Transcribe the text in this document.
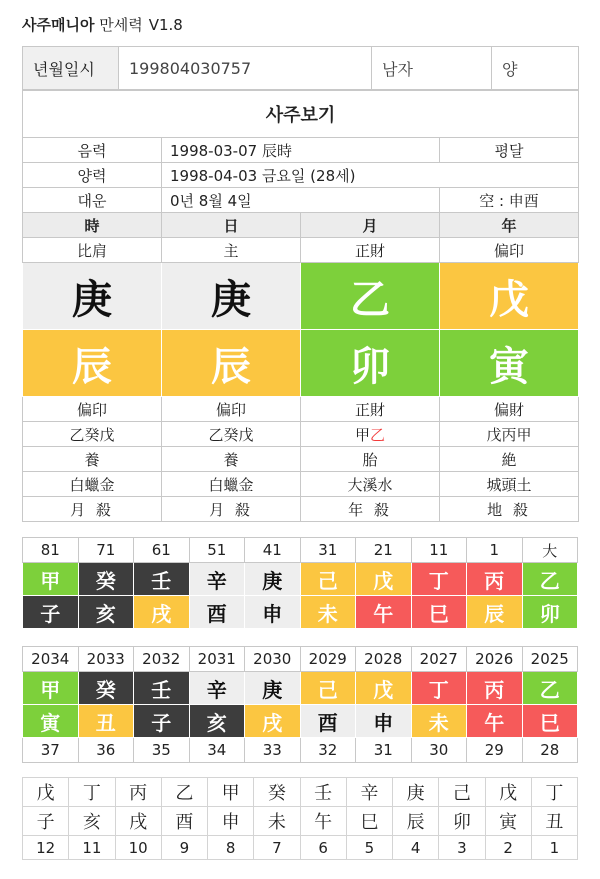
사주매니아 만세력 V1.8
년월일시	199804030757	남자	양
사주보기			
음력	1998-03-07 辰時		평달
양력	1998-04-03 금요일 (28세)		
대운	0년 8월 4일		空 : 申酉
時	日	月	年
比肩	主	正財	偏印
庚	庚	乙	戊
辰	辰	卯	寅
偏印	偏印	正財	偏財
乙癸戊	乙癸戊	甲乙	戊丙甲
養	養	胎	絶
白蠟金	白蠟金	大溪水	城頭土
月 殺	月 殺	年 殺	地 殺
81	71	61	51	41	31	21	11	1	大
甲	癸	壬	辛	庚	己	戊	丁	丙	乙
子	亥	戌	酉	申	未	午	巳	辰	卯
2034	2033	2032	2031	2030	2029	2028	2027	2026	2025
甲	癸	壬	辛	庚	己	戊	丁	丙	乙
寅	丑	子	亥	戌	酉	申	未	午	巳
37	36	35	34	33	32	31	30	29	28
戊	丁	丙	乙	甲	癸	壬	辛	庚	己	戊	丁
子	亥	戌	酉	申	未	午	巳	辰	卯	寅	丑
12	11	10	9	8	7	6	5	4	3	2	1
